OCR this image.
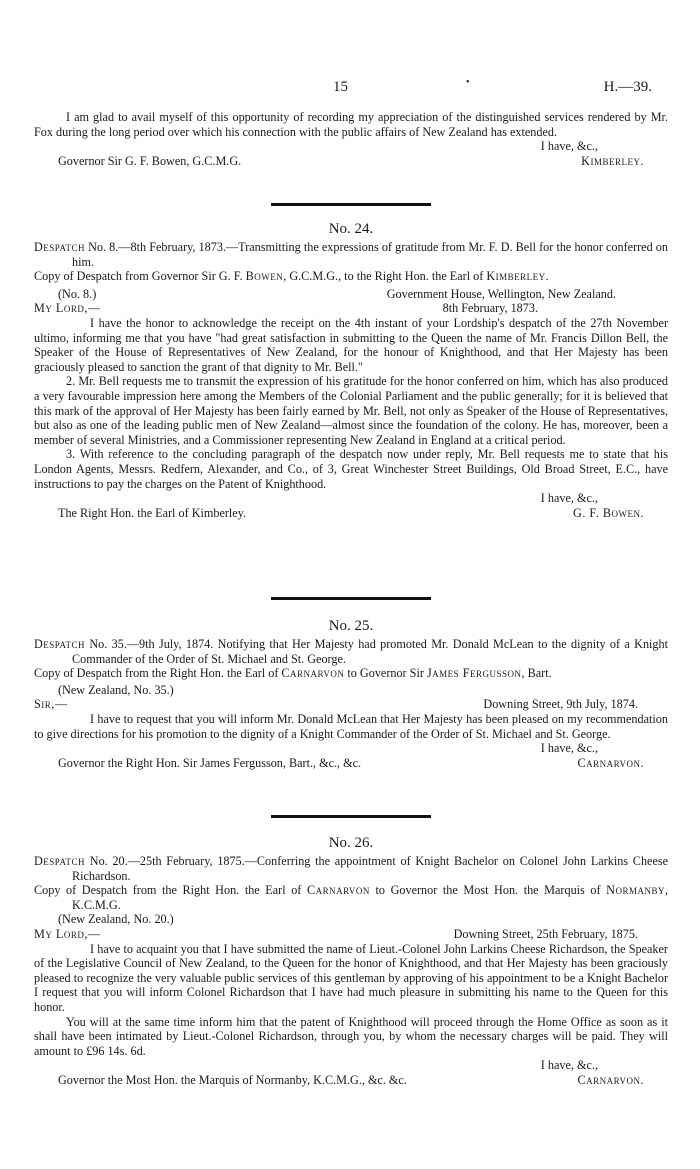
15	•	H.—39.

I am glad to avail myself of this opportunity of recording my appreciation of the distinguished services rendered by Mr. Fox during the long period over which his connection with the public affairs of New Zealand has extended.

I have, &c.,

Governor Sir G. F. Bowen, G.C.M.G.	Kimberley.

No. 24.

Despatch No. 8.—8th February, 1873.—Transmitting the expressions of gratitude from Mr. F. D. Bell for the honor conferred on him.

Copy of Despatch from Governor Sir G. F. Bowen, G.C.M.G., to the Right Hon. the Earl of Kimberley.

(No. 8.)	Government House, Wellington, New Zealand.
My Lord,—	8th February, 1873.

I have the honor to acknowledge the receipt on the 4th instant of your Lordship's despatch of the 27th November ultimo, informing me that you have "had great satisfaction in submitting to the Queen the name of Mr. Francis Dillon Bell, the Speaker of the House of Representatives of New Zealand, for the honour of Knighthood, and that Her Majesty has been graciously pleased to sanction the grant of that dignity to Mr. Bell."

2. Mr. Bell requests me to transmit the expression of his gratitude for the honor conferred on him, which has also produced a very favourable impression here among the Members of the Colonial Parliament and the public generally; for it is believed that this mark of the approval of Her Majesty has been fairly earned by Mr. Bell, not only as Speaker of the House of Representatives, but also as one of the leading public men of New Zealand—almost since the foundation of the colony. He has, moreover, been a member of several Ministries, and a Commissioner representing New Zealand in England at a critical period.

3. With reference to the concluding paragraph of the despatch now under reply, Mr. Bell requests me to state that his London Agents, Messrs. Redfern, Alexander, and Co., of 3, Great Winchester Street Buildings, Old Broad Street, E.C., have instructions to pay the charges on the Patent of Knighthood.

I have, &c.,

The Right Hon. the Earl of Kimberley.	G. F. Bowen.

No. 25.

Despatch No. 35.—9th July, 1874. Notifying that Her Majesty had promoted Mr. Donald McLean to the dignity of a Knight Commander of the Order of St. Michael and St. George.

Copy of Despatch from the Right Hon. the Earl of Carnarvon to Governor Sir James Fergusson, Bart.

(New Zealand, No. 35.)

Sir,—	Downing Street, 9th July, 1874.

I have to request that you will inform Mr. Donald McLean that Her Majesty has been pleased on my recommendation to give directions for his promotion to the dignity of a Knight Commander of the Order of St. Michael and St. George.

I have, &c.,

Governor the Right Hon. Sir James Fergusson, Bart., &c., &c.	Carnarvon.

No. 26.

Despatch No. 20.—25th February, 1875.—Conferring the appointment of Knight Bachelor on Colonel John Larkins Cheese Richardson.

Copy of Despatch from the Right Hon. the Earl of Carnarvon to Governor the Most Hon. the Marquis of Normanby, K.C.M.G.

(New Zealand, No. 20.)

My Lord,—	Downing Street, 25th February, 1875.

I have to acquaint you that I have submitted the name of Lieut.-Colonel John Larkins Cheese Richardson, the Speaker of the Legislative Council of New Zealand, to the Queen for the honor of Knighthood, and that Her Majesty has been graciously pleased to recognize the very valuable public services of this gentleman by approving of his appointment to be a Knight Bachelor I request that you will inform Colonel Richardson that I have had much pleasure in submitting his name to the Queen for this honor.

You will at the same time inform him that the patent of Knighthood will proceed through the Home Office as soon as it shall have been intimated by Lieut.-Colonel Richardson, through you, by whom the necessary charges will be paid. They will amount to £96 14s. 6d.

I have, &c.,

Governor the Most Hon. the Marquis of Normanby, K.C.M.G., &c. &c.	Carnarvon.
